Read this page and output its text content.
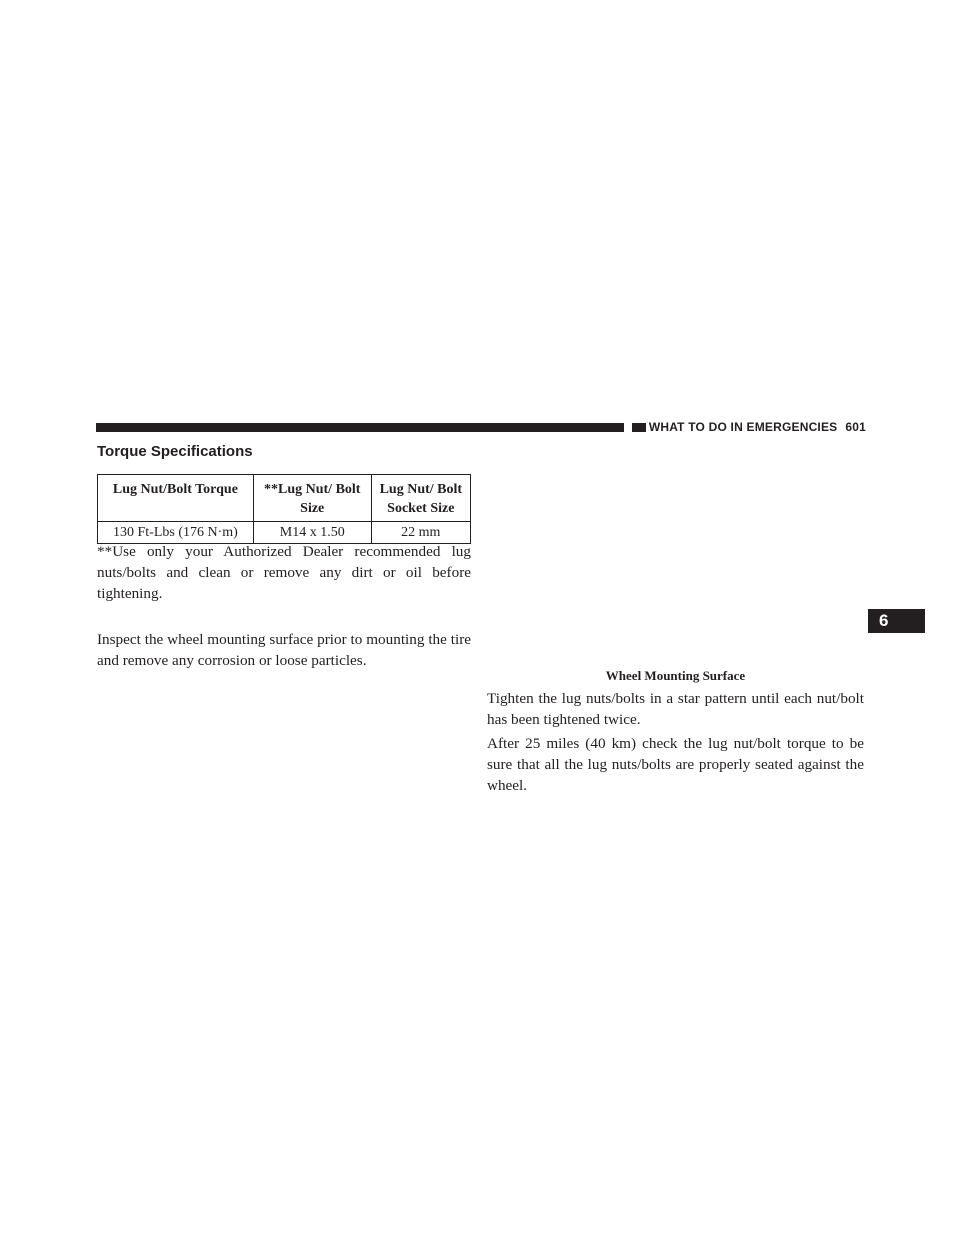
WHAT TO DO IN EMERGENCIES 601
Torque Specifications
Lug Nut/Bolt Torque	**Lug Nut/ Bolt Size	Lug Nut/ Bolt Socket Size
130 Ft-Lbs (176 N·m)	M14 x 1.50	22 mm
**Use only your Authorized Dealer recommended lug nuts/bolts and clean or remove any dirt or oil before tightening.
Inspect the wheel mounting surface prior to mounting the tire and remove any corrosion or loose particles.
Wheel Mounting Surface
Tighten the lug nuts/bolts in a star pattern until each nut/bolt has been tightened twice.
After 25 miles (40 km) check the lug nut/bolt torque to be sure that all the lug nuts/bolts are properly seated against the wheel.
6
